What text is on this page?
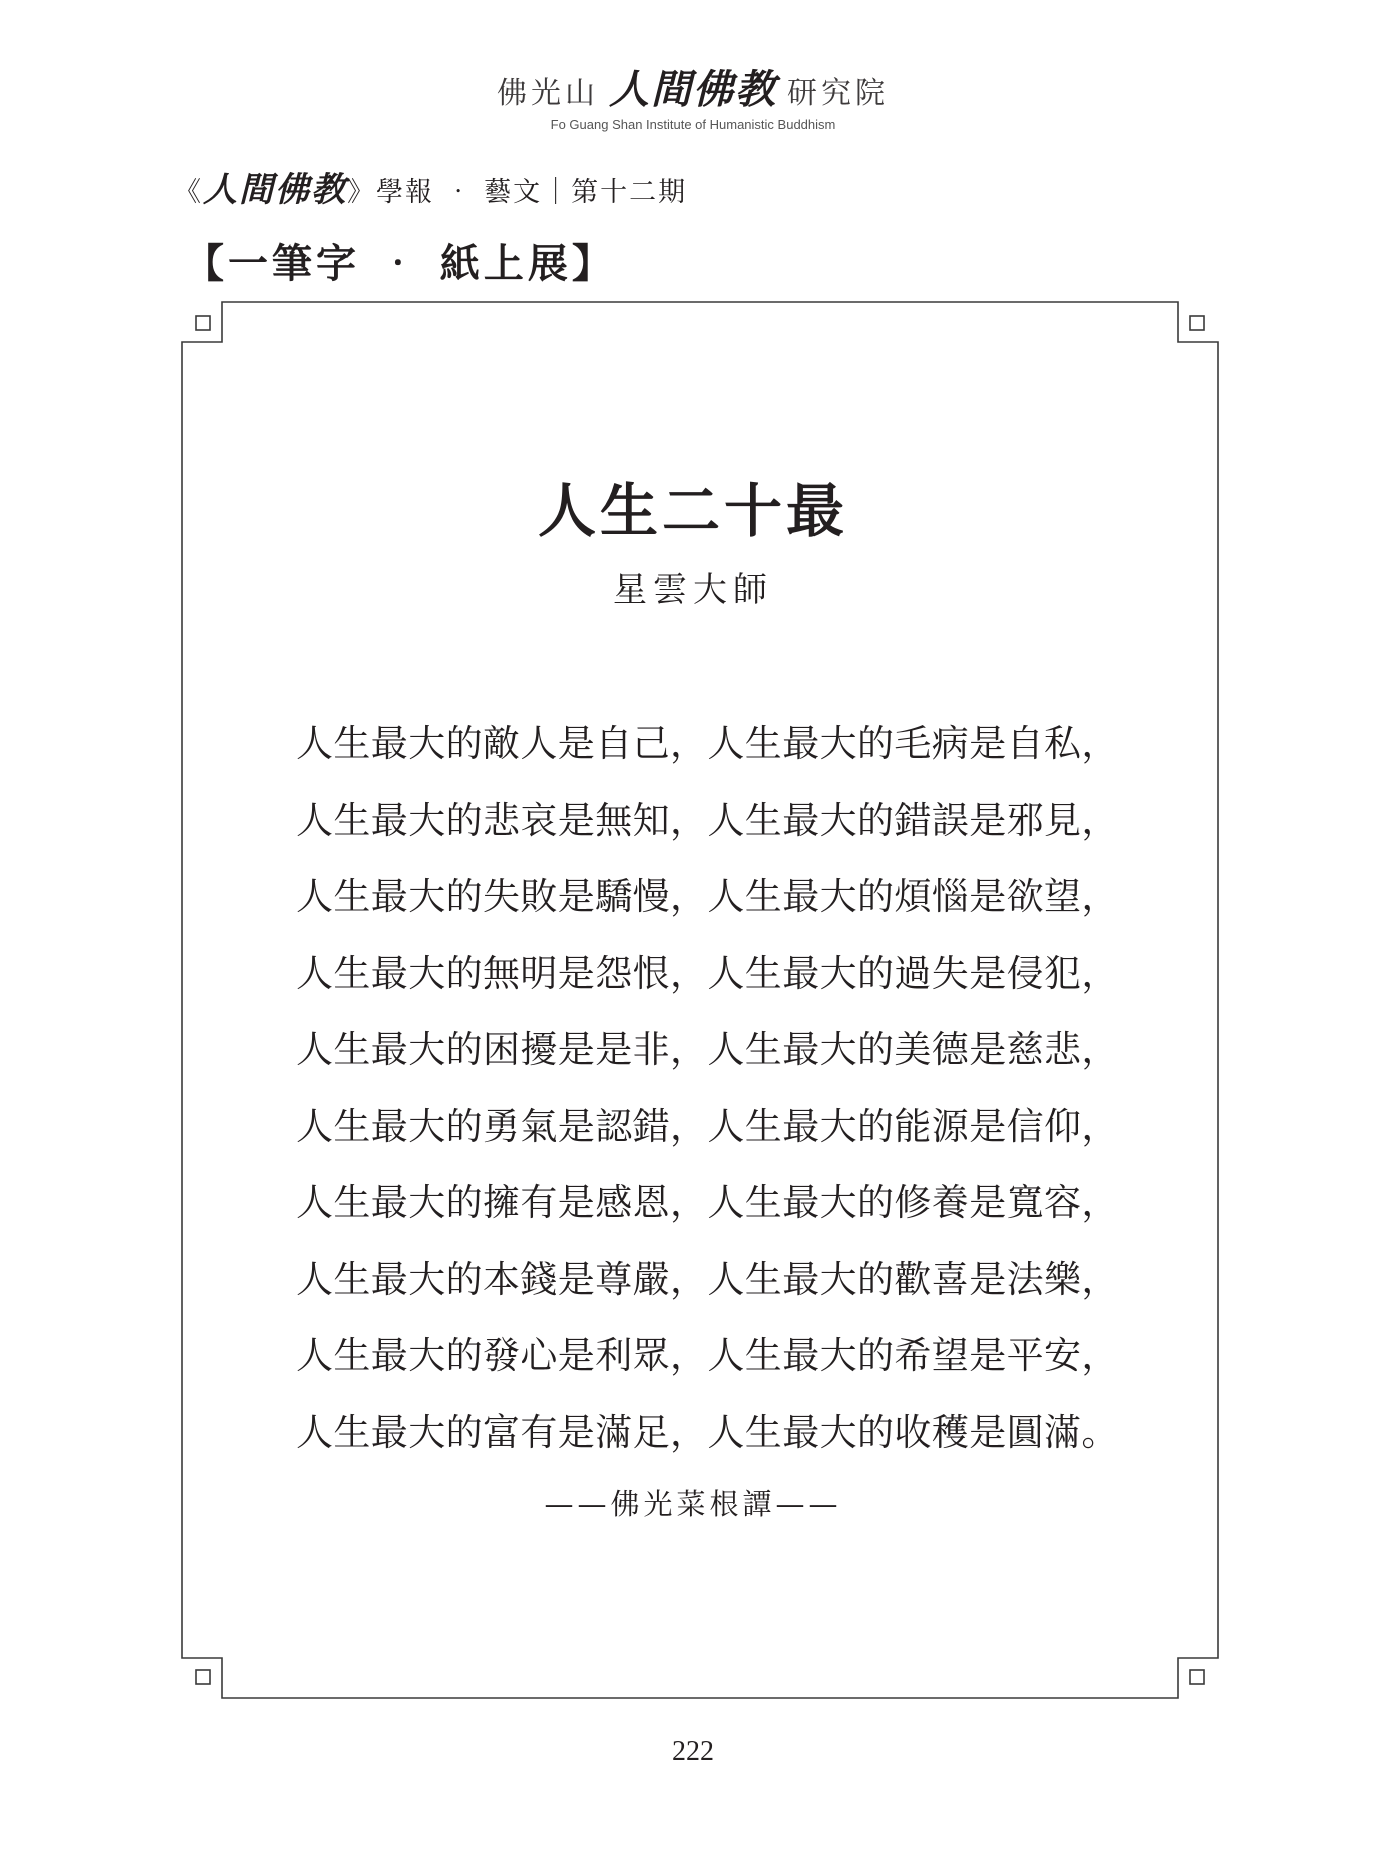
佛光山 人間佛教 研究院
Fo Guang Shan Institute of Humanistic Buddhism
《人間佛教》學報 ‧ 藝文｜第十二期
【一筆字 ‧ 紙上展】
人生二十最
星雲大師
人生最大的敵人是自己，人生最大的毛病是自私，
人生最大的悲哀是無知，人生最大的錯誤是邪見，
人生最大的失敗是驕慢，人生最大的煩惱是欲望，
人生最大的無明是怨恨，人生最大的過失是侵犯，
人生最大的困擾是是非，人生最大的美德是慈悲，
人生最大的勇氣是認錯，人生最大的能源是信仰，
人生最大的擁有是感恩，人生最大的修養是寬容，
人生最大的本錢是尊嚴，人生最大的歡喜是法樂，
人生最大的發心是利眾，人生最大的希望是平安，
人生最大的富有是滿足，人生最大的收穫是圓滿。
——佛光菜根譚——
222
